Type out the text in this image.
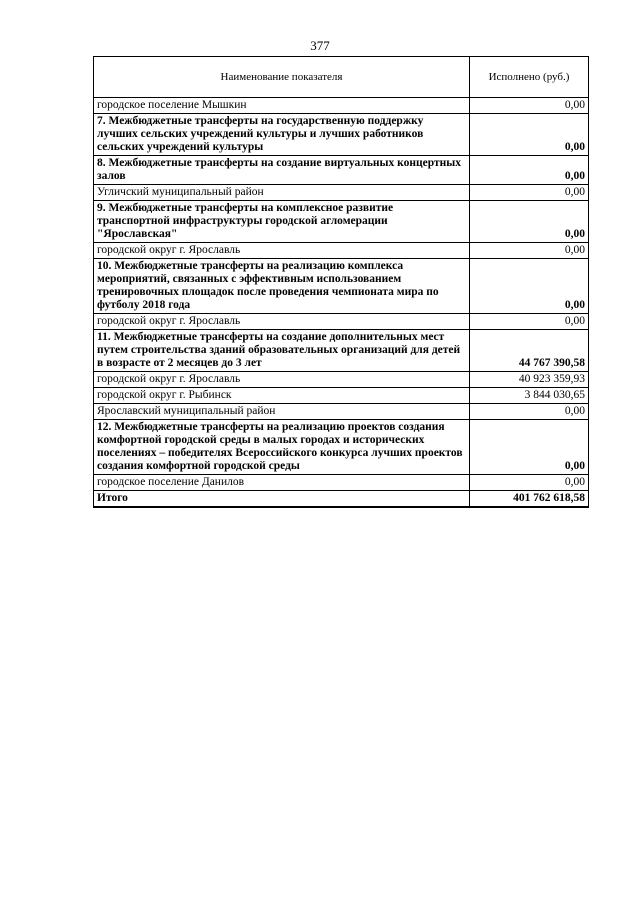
377
Наименование показателя	Исполнено (руб.)
городское поселение Мышкин	0,00
7. Межбюджетные трансферты на государственную поддержку лучших сельских учреждений культуры и лучших работников сельских учреждений культуры	0,00
8. Межбюджетные трансферты на создание виртуальных концертных залов	0,00
Угличский муниципальный район	0,00
9. Межбюджетные трансферты на комплексное развитие транспортной инфраструктуры городской агломерации "Ярославская"	0,00
городской округ г. Ярославль	0,00
10. Межбюджетные трансферты на реализацию комплекса мероприятий, связанных с эффективным использованием тренировочных площадок после проведения чемпионата мира по футболу 2018 года	0,00
городской округ г. Ярославль	0,00
11. Межбюджетные трансферты на создание дополнительных мест путем строительства зданий образовательных организаций для детей в возрасте от 2 месяцев до 3 лет	44 767 390,58
городской округ г. Ярославль	40 923 359,93
городской округ г. Рыбинск	3 844 030,65
Ярославский муниципальный район	0,00
12. Межбюджетные трансферты на реализацию проектов создания комфортной городской среды в малых городах и исторических поселениях – победителях Всероссийского конкурса лучших проектов создания комфортной городской среды	0,00
городское поселение Данилов	0,00
Итого	401 762 618,58
